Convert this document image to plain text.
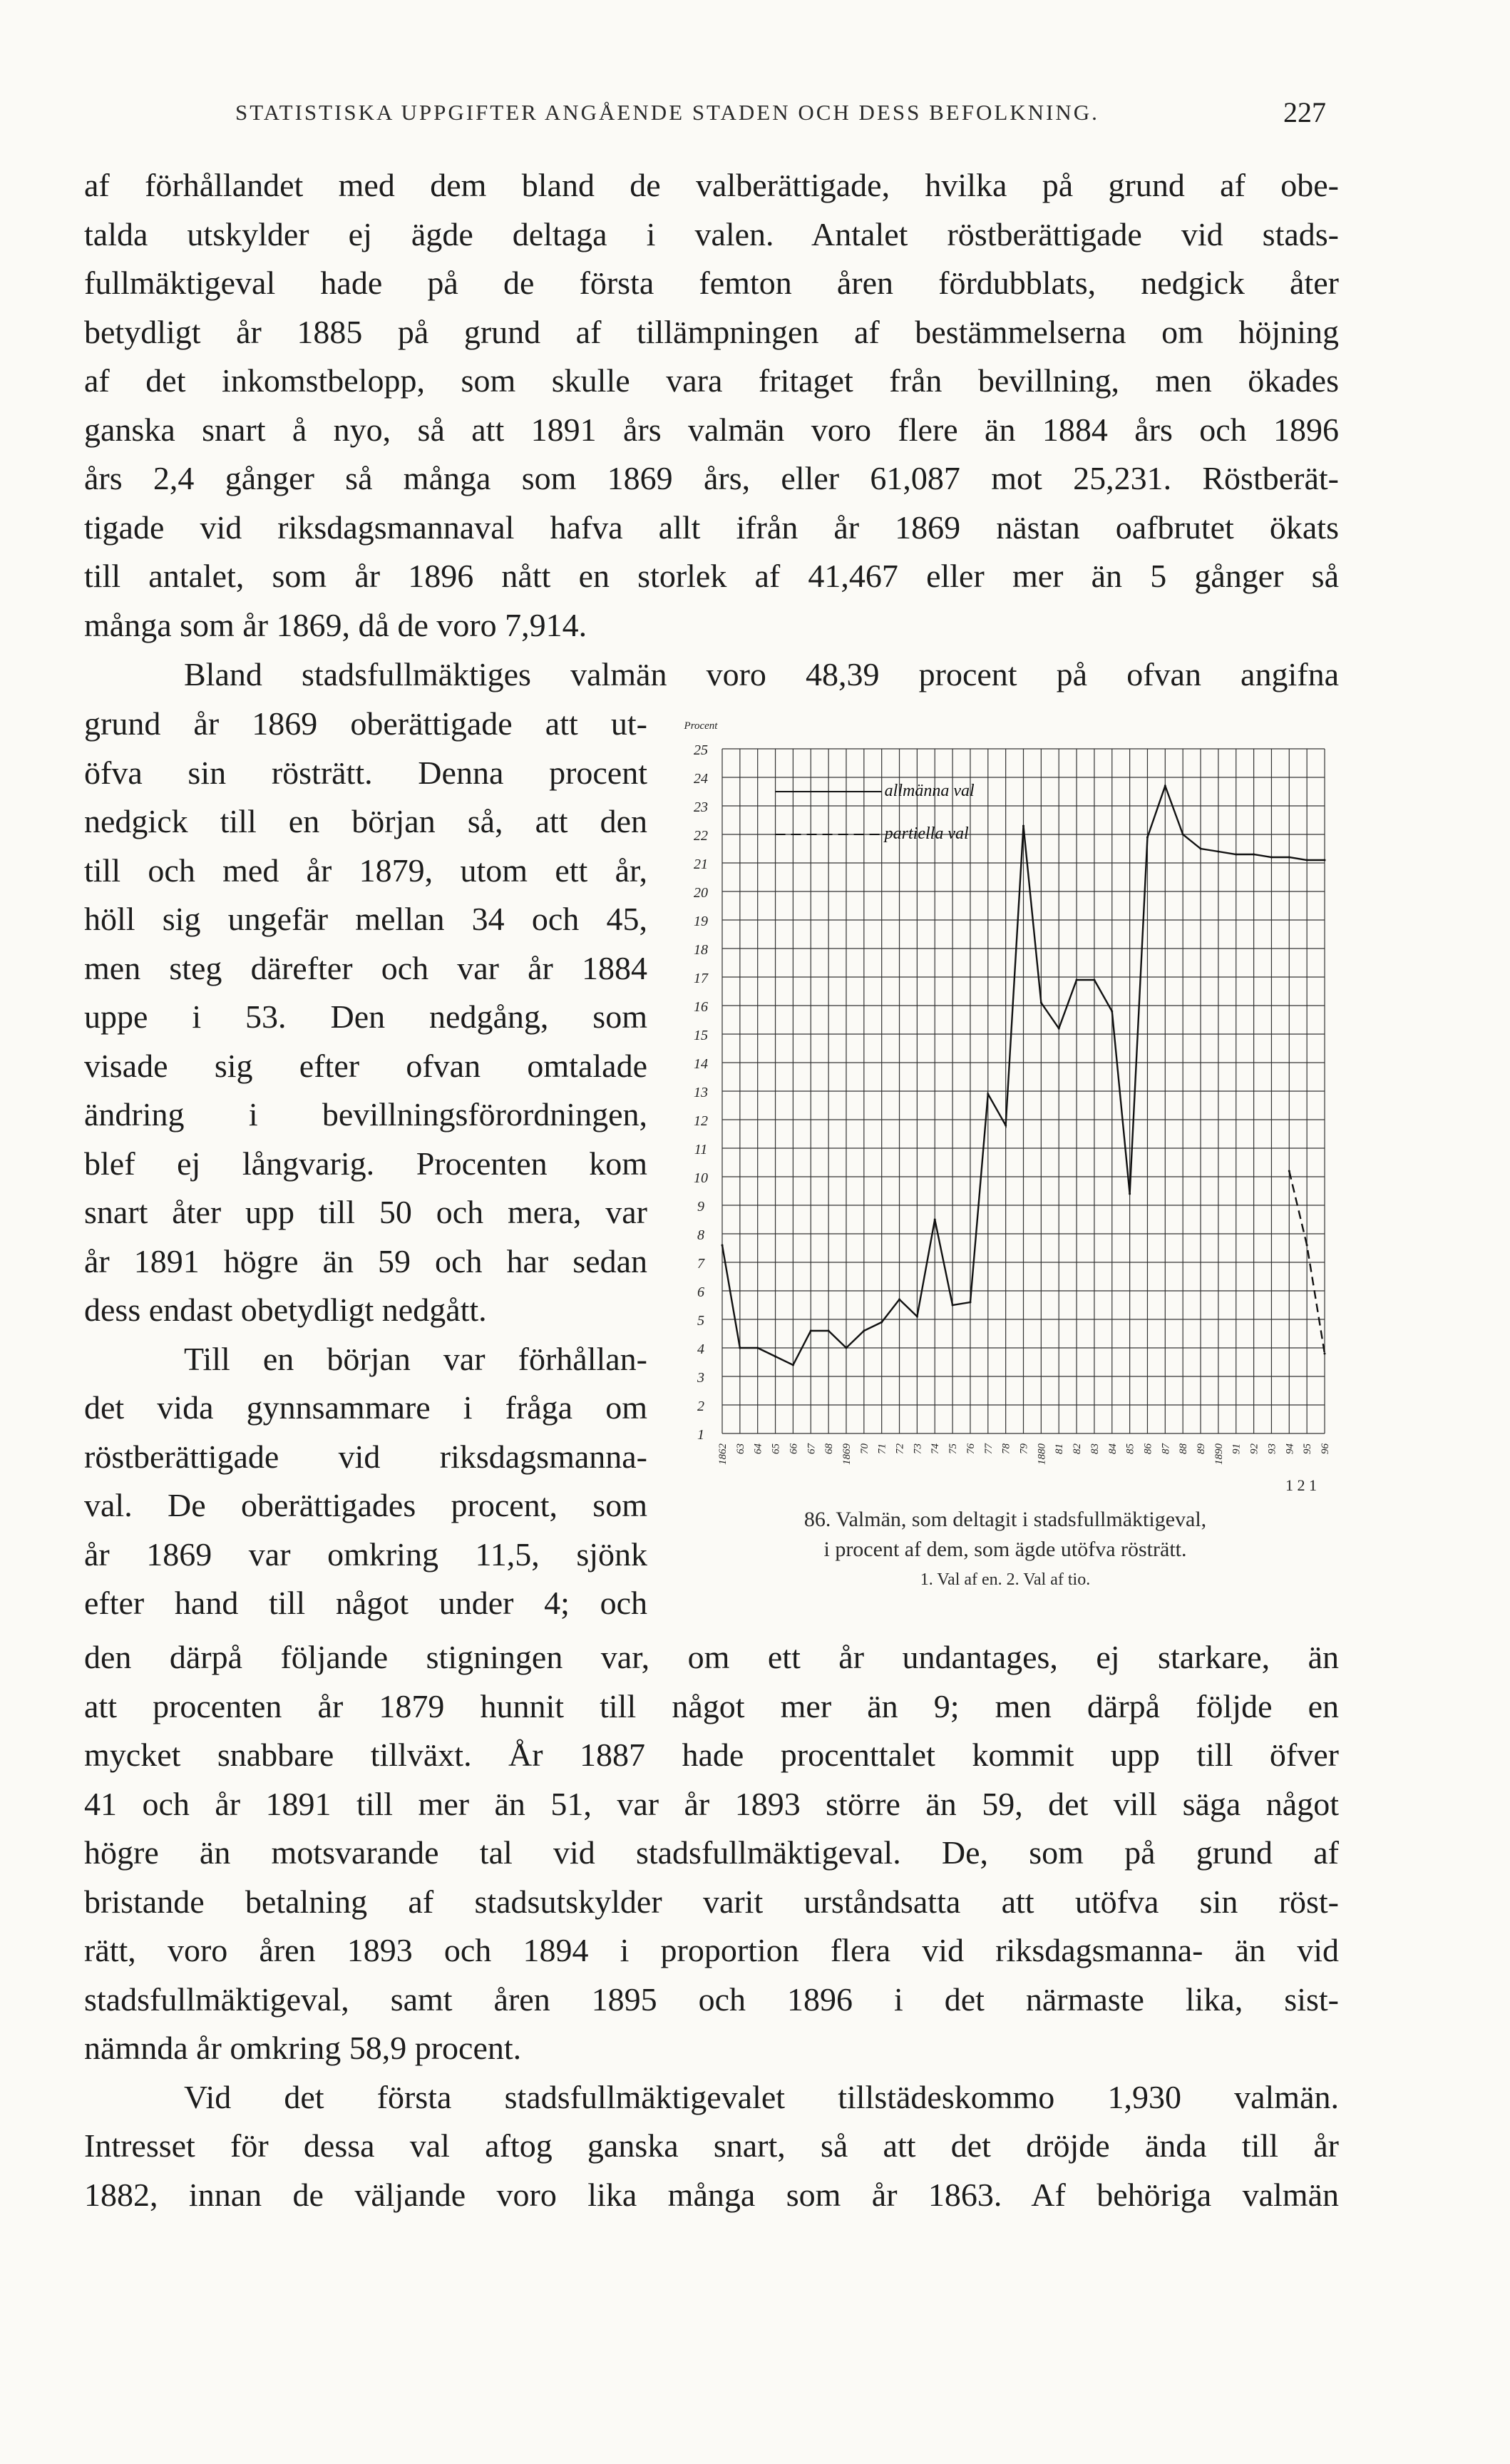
STATISTISKA UPPGIFTER ANGÅENDE STADEN OCH DESS BEFOLKNING.	227
af förhållandet med dem bland de valberättigade, hvilka på grund af obe-
talda utskylder ej ägde deltaga i valen. Antalet röstberättigade vid stads-
fullmäktigeval hade på de första femton åren fördubblats, nedgick åter
betydligt år 1885 på grund af tillämpningen af bestämmelserna om höjning
af det inkomstbelopp, som skulle vara fritaget från bevillning, men ökades
ganska snart å nyo, så att 1891 års valmän voro flere än 1884 års och 1896
års 2,4 gånger så många som 1869 års, eller 61,087 mot 25,231. Röstberät-
tigade vid riksdagsmannaval hafva allt ifrån år 1869 nästan oafbrutet ökats
till antalet, som år 1896 nått en storlek af 41,467 eller mer än 5 gånger så
många som år 1869, då de voro 7,914.
Bland stadsfullmäktiges valmän voro 48,39 procent på ofvan angifna
grund år 1869 oberättigade att ut-
öfva sin rösträtt. Denna procent
nedgick till en början så, att den
till och med år 1879, utom ett år,
höll sig ungefär mellan 34 och 45,
men steg därefter och var år 1884
uppe i 53. Den nedgång, som
visade sig efter ofvan omtalade
ändring i bevillningsförordningen,
blef ej långvarig. Procenten kom
snart åter upp till 50 och mera, var
år 1891 högre än 59 och har sedan
dess endast obetydligt nedgått.
Till en början var förhållan-
det vida gynnsammare i fråga om
röstberättigade vid riksdagsmanna-
val. De oberättigades procent, som
år 1869 var omkring 11,5, sjönk
efter hand till något under 4; och
1
2
3
4
5
6
7
8
9
10
11
12
13
14
15
16
17
18
19
20
21
22
23
24
25
Procent
1862 63 64 65 66 67 68 1869 70 71 72 73 74 75 76 77 78 79 1880 81 82 83 84 85 86 87 88 89 1890 91 92 93 94 95 96
1 2 1
allmänna val
partiella val
86. Valmän, som deltagit i stadsfullmäktigeval,
i procent af dem, som ägde utöfva rösträtt.
1. Val af en. 2. Val af tio.
den därpå följande stigningen var, om ett år undantages, ej starkare, än
att procenten år 1879 hunnit till något mer än 9; men därpå följde en
mycket snabbare tillväxt. År 1887 hade procenttalet kommit upp till öfver
41 och år 1891 till mer än 51, var år 1893 större än 59, det vill säga något
högre än motsvarande tal vid stadsfullmäktigeval. De, som på grund af
bristande betalning af stadsutskylder varit urståndsatta att utöfva sin röst-
rätt, voro åren 1893 och 1894 i proportion flera vid riksdagsmanna- än vid
stadsfullmäktigeval, samt åren 1895 och 1896 i det närmaste lika, sist-
nämnda år omkring 58,9 procent.
Vid det första stadsfullmäktigevalet tillstädeskommo 1,930 valmän.
Intresset för dessa val aftog ganska snart, så att det dröjde ända till år
1882, innan de väljande voro lika många som år 1863. Af behöriga valmän
